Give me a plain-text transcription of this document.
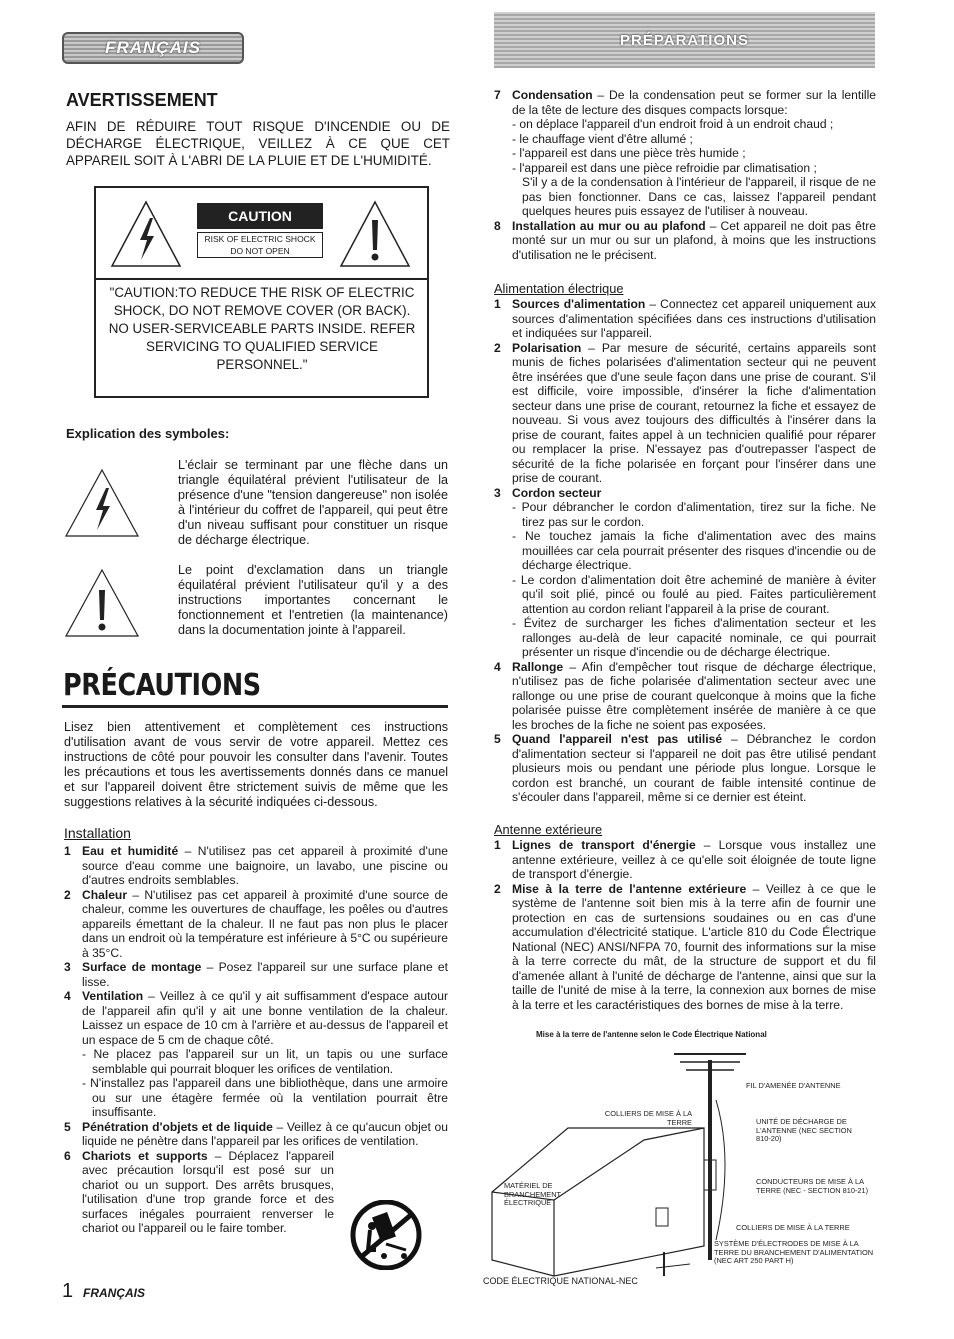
FRANÇAIS	PRÉPARATIONS
AVERTISSEMENT
AFIN DE RÉDUIRE TOUT RISQUE D'INCENDIE OU DE DÉCHARGE ÉLECTRIQUE, VEILLEZ À CE QUE CET APPAREIL SOIT À L'ABRI DE LA PLUIE ET DE L'HUMIDITÉ.
CAUTION
RISK OF ELECTRIC SHOCK DO NOT OPEN
"CAUTION:TO REDUCE THE RISK OF ELECTRIC SHOCK, DO NOT REMOVE COVER (OR BACK). NO USER-SERVICEABLE PARTS INSIDE. REFER SERVICING TO QUALIFIED SERVICE PERSONNEL."
Explication des symboles:
L'éclair se terminant par une flèche dans un triangle équilatéral prévient l'utilisateur de la présence d'une "tension dangereuse" non isolée à l'intérieur du coffret de l'appareil, qui peut être d'un niveau suffisant pour constituer un risque de décharge électrique.
Le point d'exclamation dans un triangle équilatéral prévient l'utilisateur qu'il y a des instructions importantes concernant le fonctionnement et l'entretien (la maintenance) dans la documentation jointe à l'appareil.
PRÉCAUTIONS
Lisez bien attentivement et complètement ces instructions d'utilisation avant de vous servir de votre appareil. Mettez ces instructions de côté pour pouvoir les consulter dans l'avenir. Toutes les précautions et tous les avertissements donnés dans ce manuel et sur l'appareil doivent être strictement suivis de même que les suggestions relatives à la sécurité indiquées ci-dessous.
Installation
1 Eau et humidité – N'utilisez pas cet appareil à proximité d'une source d'eau comme une baignoire, un lavabo, une piscine ou d'autres endroits semblables.
2 Chaleur – N'utilisez pas cet appareil à proximité d'une source de chaleur, comme les ouvertures de chauffage, les poêles ou d'autres appareils émettant de la chaleur. Il ne faut pas non plus le placer dans un endroit où la température est inférieure à 5°C ou supérieure à 35°C.
3 Surface de montage – Posez l'appareil sur une surface plane et lisse.
4 Ventilation – Veillez à ce qu'il y ait suffisamment d'espace autour de l'appareil afin qu'il y ait une bonne ventilation de la chaleur. Laissez un espace de 10 cm à l'arrière et au-dessus de l'appareil et un espace de 5 cm de chaque côté.
- Ne placez pas l'appareil sur un lit, un tapis ou une surface semblable qui pourrait bloquer les orifices de ventilation.
- N'installez pas l'appareil dans une bibliothèque, dans une armoire ou sur une étagère fermée où la ventilation pourrait être insuffisante.
5 Pénétration d'objets et de liquide – Veillez à ce qu'aucun objet ou liquide ne pénètre dans l'appareil par les orifices de ventilation.
6 Chariots et supports – Déplacez l'appareil avec précaution lorsqu'il est posé sur un chariot ou un support. Des arrêts brusques, l'utilisation d'une trop grande force et des surfaces inégales pourraient renverser le chariot ou l'appareil ou le faire tomber.
7 Condensation – De la condensation peut se former sur la lentille de la tête de lecture des disques compacts lorsque:
- on déplace l'appareil d'un endroit froid à un endroit chaud ;
- le chauffage vient d'être allumé ;
- l'appareil est dans une pièce très humide ;
- l'appareil est dans une pièce refroidie par climatisation ;
S'il y a de la condensation à l'intérieur de l'appareil, il risque de ne pas bien fonctionner. Dans ce cas, laissez l'appareil pendant quelques heures puis essayez de l'utiliser à nouveau.
8 Installation au mur ou au plafond – Cet appareil ne doit pas être monté sur un mur ou sur un plafond, à moins que les instructions d'utilisation ne le précisent.
Alimentation électrique
1 Sources d'alimentation – Connectez cet appareil uniquement aux sources d'alimentation spécifiées dans ces instructions d'utilisation et indiquées sur l'appareil.
2 Polarisation – Par mesure de sécurité, certains appareils sont munis de fiches polarisées d'alimentation secteur qui ne peuvent être insérées que d'une seule façon dans une prise de courant. S'il est difficile, voire impossible, d'insérer la fiche d'alimentation secteur dans une prise de courant, retournez la fiche et essayez de nouveau. Si vous avez toujours des difficultés à l'insérer dans la prise de courant, faites appel à un technicien qualifié pour réparer ou remplacer la prise. N'essayez pas d'outrepasser l'aspect de sécurité de la fiche polarisée en forçant pour l'insérer dans une prise de courant.
3 Cordon secteur
- Pour débrancher le cordon d'alimentation, tirez sur la fiche. Ne tirez pas sur le cordon.
- Ne touchez jamais la fiche d'alimentation avec des mains mouillées car cela pourrait présenter des risques d'incendie ou de décharge électrique.
- Le cordon d'alimentation doit être acheminé de manière à éviter qu'il soit plié, pincé ou foulé au pied. Faites particulièrement attention au cordon reliant l'appareil à la prise de courant.
- Évitez de surcharger les fiches d'alimentation secteur et les rallonges au-delà de leur capacité nominale, ce qui pourrait présenter un risque d'incendie ou de décharge électrique.
4 Rallonge – Afin d'empêcher tout risque de décharge électrique, n'utilisez pas de fiche polarisée d'alimentation secteur avec une rallonge ou une prise de courant quelconque à moins que la fiche polarisée puisse être complètement insérée de manière à ce que les broches de la fiche ne soient pas exposées.
5 Quand l'appareil n'est pas utilisé – Débranchez le cordon d'alimentation secteur si l'appareil ne doit pas être utilisé pendant plusieurs mois ou pendant une période plus longue. Lorsque le cordon est branché, un courant de faible intensité continue de s'écouler dans l'appareil, même si ce dernier est éteint.
Antenne extérieure
1 Lignes de transport d'énergie – Lorsque vous installez une antenne extérieure, veillez à ce qu'elle soit éloignée de toute ligne de transport d'énergie.
2 Mise à la terre de l'antenne extérieure – Veillez à ce que le système de l'antenne soit bien mis à la terre afin de fournir une protection en cas de surtensions soudaines ou en cas d'une accumulation d'électricité statique. L'article 810 du Code Électrique National (NEC) ANSI/NFPA 70, fournit des informations sur la mise à la terre correcte du mât, de la structure de support et du fil d'amenée allant à l'unité de décharge de l'antenne, ainsi que sur la taille de l'unité de mise à la terre, la connexion aux bornes de mise à la terre et les caractéristiques des bornes de mise à la terre.
Mise à la terre de l'antenne selon le Code Électrique National
FIL D'AMENÉE D'ANTENNE
COLLIERS DE MISE À LA TERRE	UNITÉ DE DÉCHARGE DE L'ANTENNE (NEC SECTION 810-20)
MATÉRIEL DE BRANCHEMENT ÉLECTRIQUE
CONDUCTEURS DE MISE À LA TERRE (NEC - SECTION 810-21)
COLLIERS DE MISE À LA TERRE
SYSTÈME D'ÉLECTRODES DE MISE À LA TERRE DU BRANCHEMENT D'ALIMENTATION (NEC ART 250 PART H)
CODE ÉLECTRIQUE NATIONAL-NEC
1 FRANÇAIS
